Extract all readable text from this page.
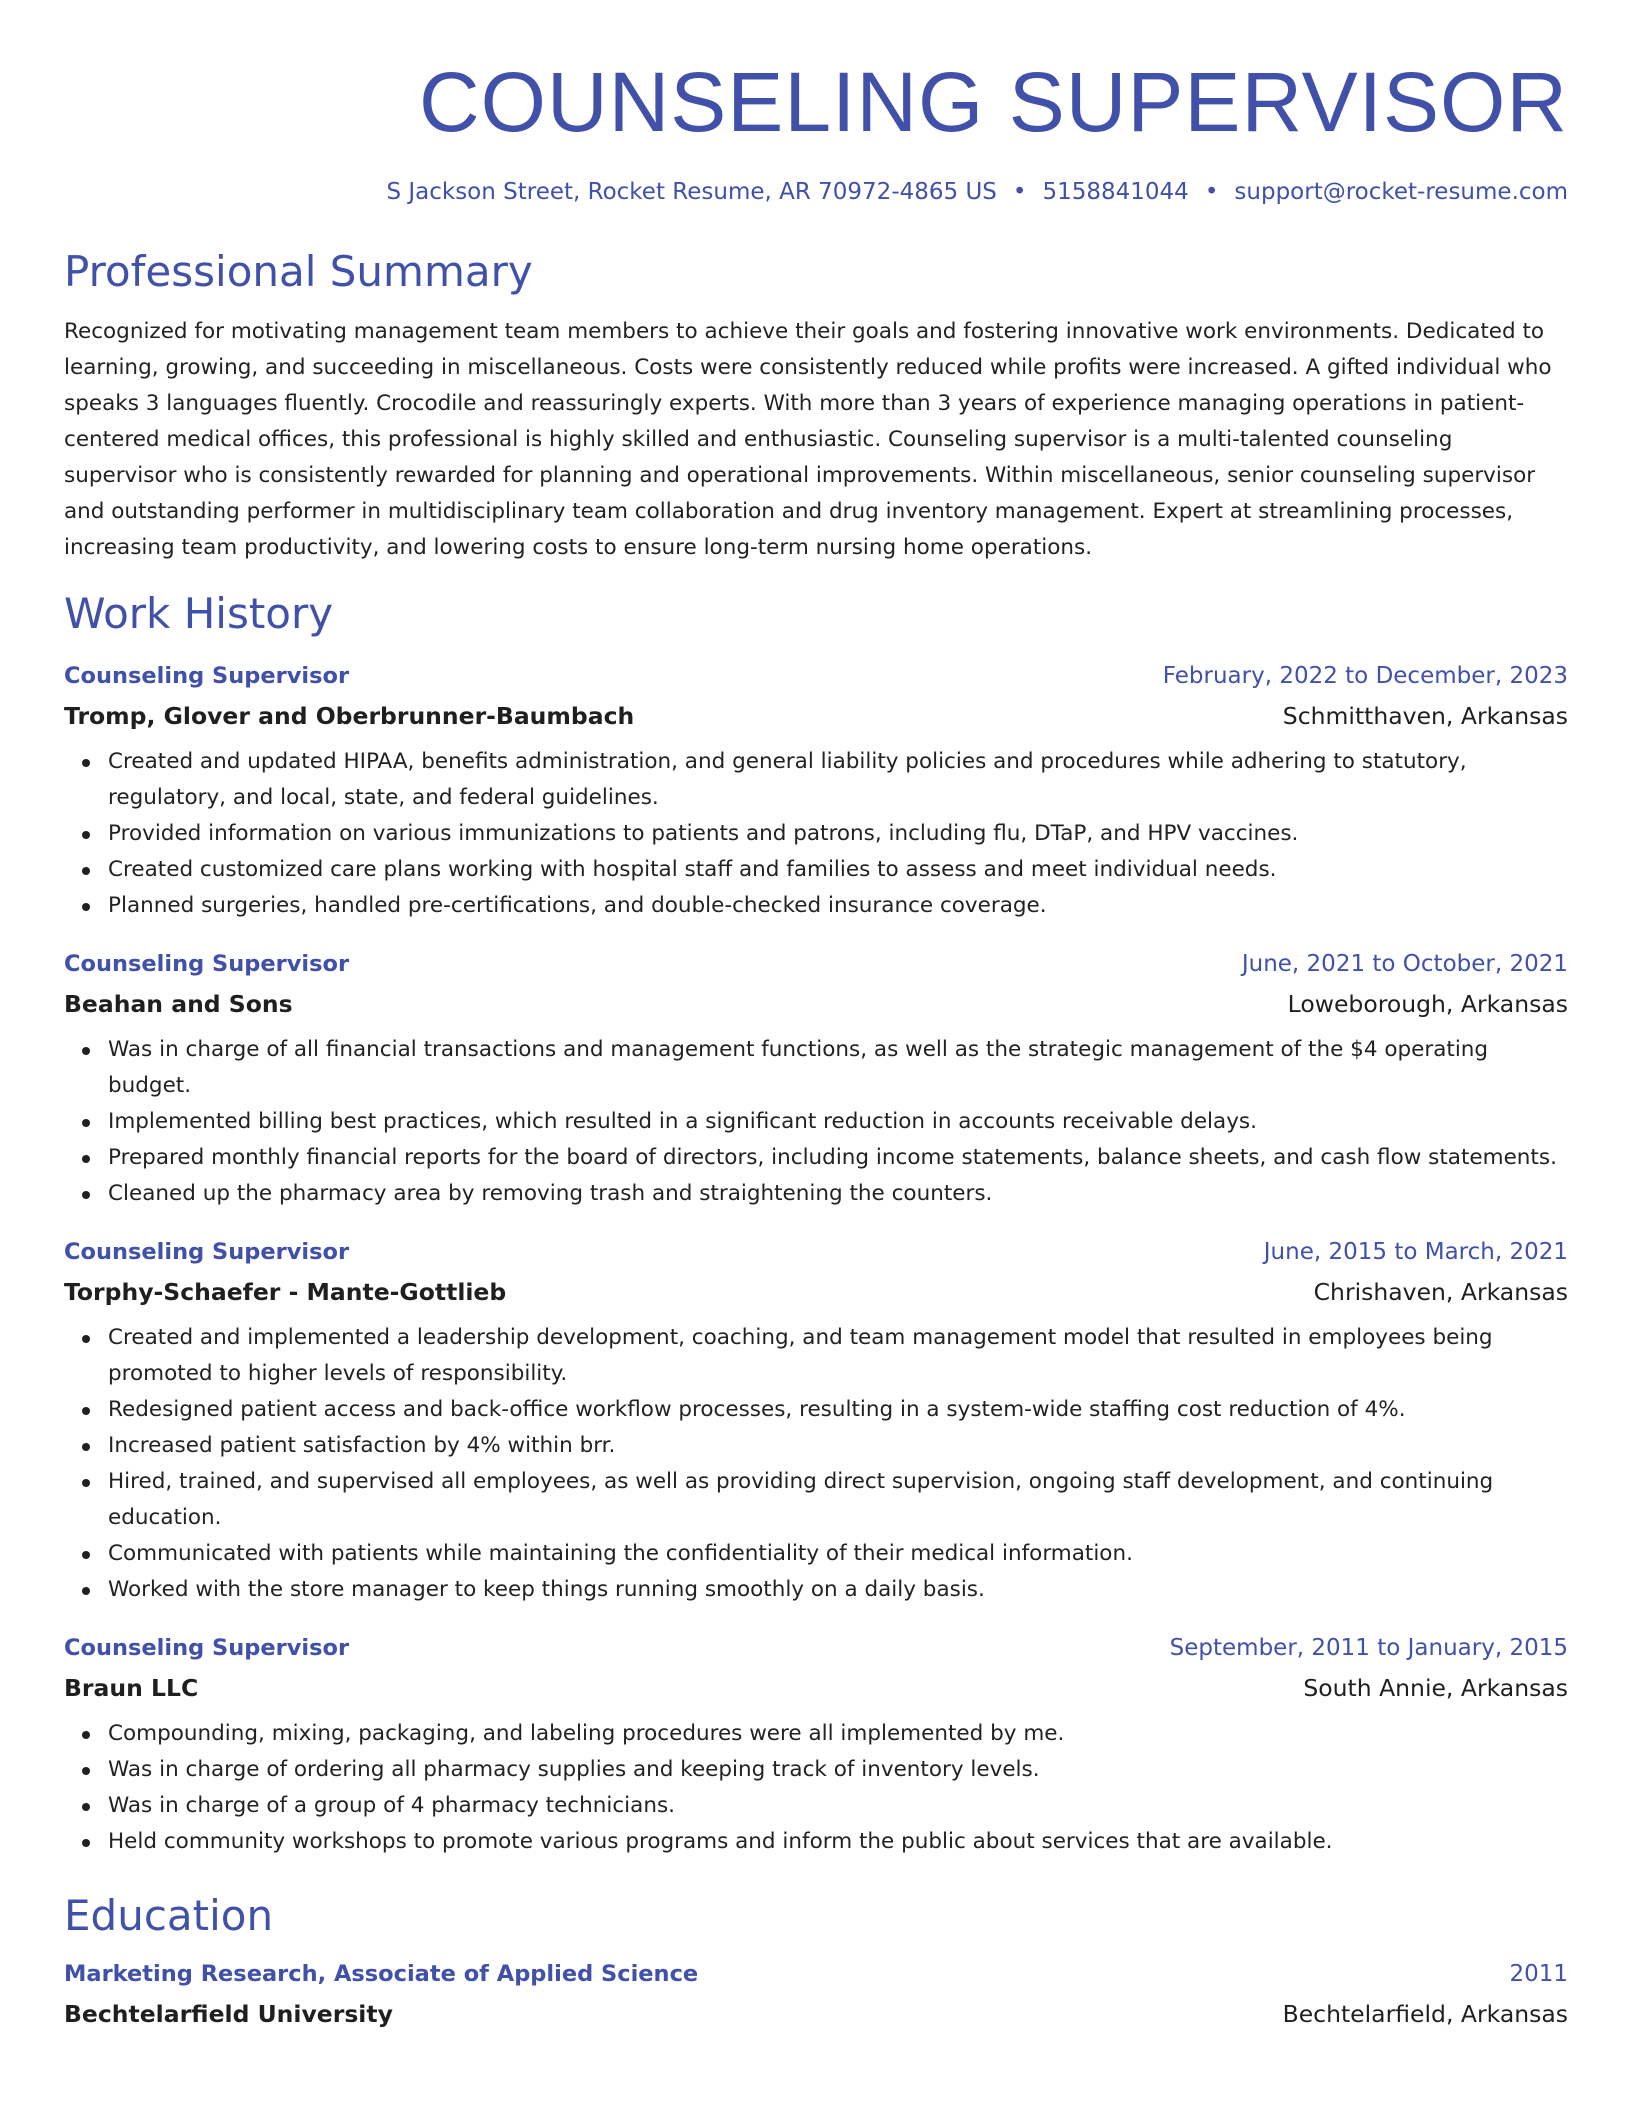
COUNSELING SUPERVISOR
S Jackson Street, Rocket Resume, AR 70972-4865 US • 5158841044 • support@rocket-resume.com
Professional Summary

Recognized for motivating management team members to achieve their goals and fostering innovative work environments. Dedicated to learning, growing, and succeeding in miscellaneous. Costs were consistently reduced while profits were increased. A gifted individual who speaks 3 languages fluently. Crocodile and reassuringly experts. With more than 3 years of experience managing operations in patient-centered medical offices, this professional is highly skilled and enthusiastic. Counseling supervisor is a multi-talented counseling supervisor who is consistently rewarded for planning and operational improvements. Within miscellaneous, senior counseling supervisor and outstanding performer in multidisciplinary team collaboration and drug inventory management. Expert at streamlining processes, increasing team productivity, and lowering costs to ensure long-term nursing home operations.

Work History
Counseling Supervisor	February, 2022 to December, 2023
Tromp, Glover and Oberbrunner-Baumbach	Schmitthaven, Arkansas
Created and updated HIPAA, benefits administration, and general liability policies and procedures while adhering to statutory, regulatory, and local, state, and federal guidelines.
Provided information on various immunizations to patients and patrons, including flu, DTaP, and HPV vaccines.
Created customized care plans working with hospital staff and families to assess and meet individual needs.
Planned surgeries, handled pre-certifications, and double-checked insurance coverage.
Counseling Supervisor	June, 2021 to October, 2021
Beahan and Sons	Loweborough, Arkansas
Was in charge of all financial transactions and management functions, as well as the strategic management of the $4 operating budget.
Implemented billing best practices, which resulted in a significant reduction in accounts receivable delays.
Prepared monthly financial reports for the board of directors, including income statements, balance sheets, and cash flow statements.
Cleaned up the pharmacy area by removing trash and straightening the counters.
Counseling Supervisor	June, 2015 to March, 2021
Torphy-Schaefer - Mante-Gottlieb	Chrishaven, Arkansas
Created and implemented a leadership development, coaching, and team management model that resulted in employees being promoted to higher levels of responsibility.
Redesigned patient access and back-office workflow processes, resulting in a system-wide staffing cost reduction of 4%.
Increased patient satisfaction by 4% within brr.
Hired, trained, and supervised all employees, as well as providing direct supervision, ongoing staff development, and continuing education.
Communicated with patients while maintaining the confidentiality of their medical information.
Worked with the store manager to keep things running smoothly on a daily basis.
Counseling Supervisor	September, 2011 to January, 2015
Braun LLC	South Annie, Arkansas
Compounding, mixing, packaging, and labeling procedures were all implemented by me.
Was in charge of ordering all pharmacy supplies and keeping track of inventory levels.
Was in charge of a group of 4 pharmacy technicians.
Held community workshops to promote various programs and inform the public about services that are available.
Education
Marketing Research, Associate of Applied Science	2011
Bechtelarfield University	Bechtelarfield, Arkansas
